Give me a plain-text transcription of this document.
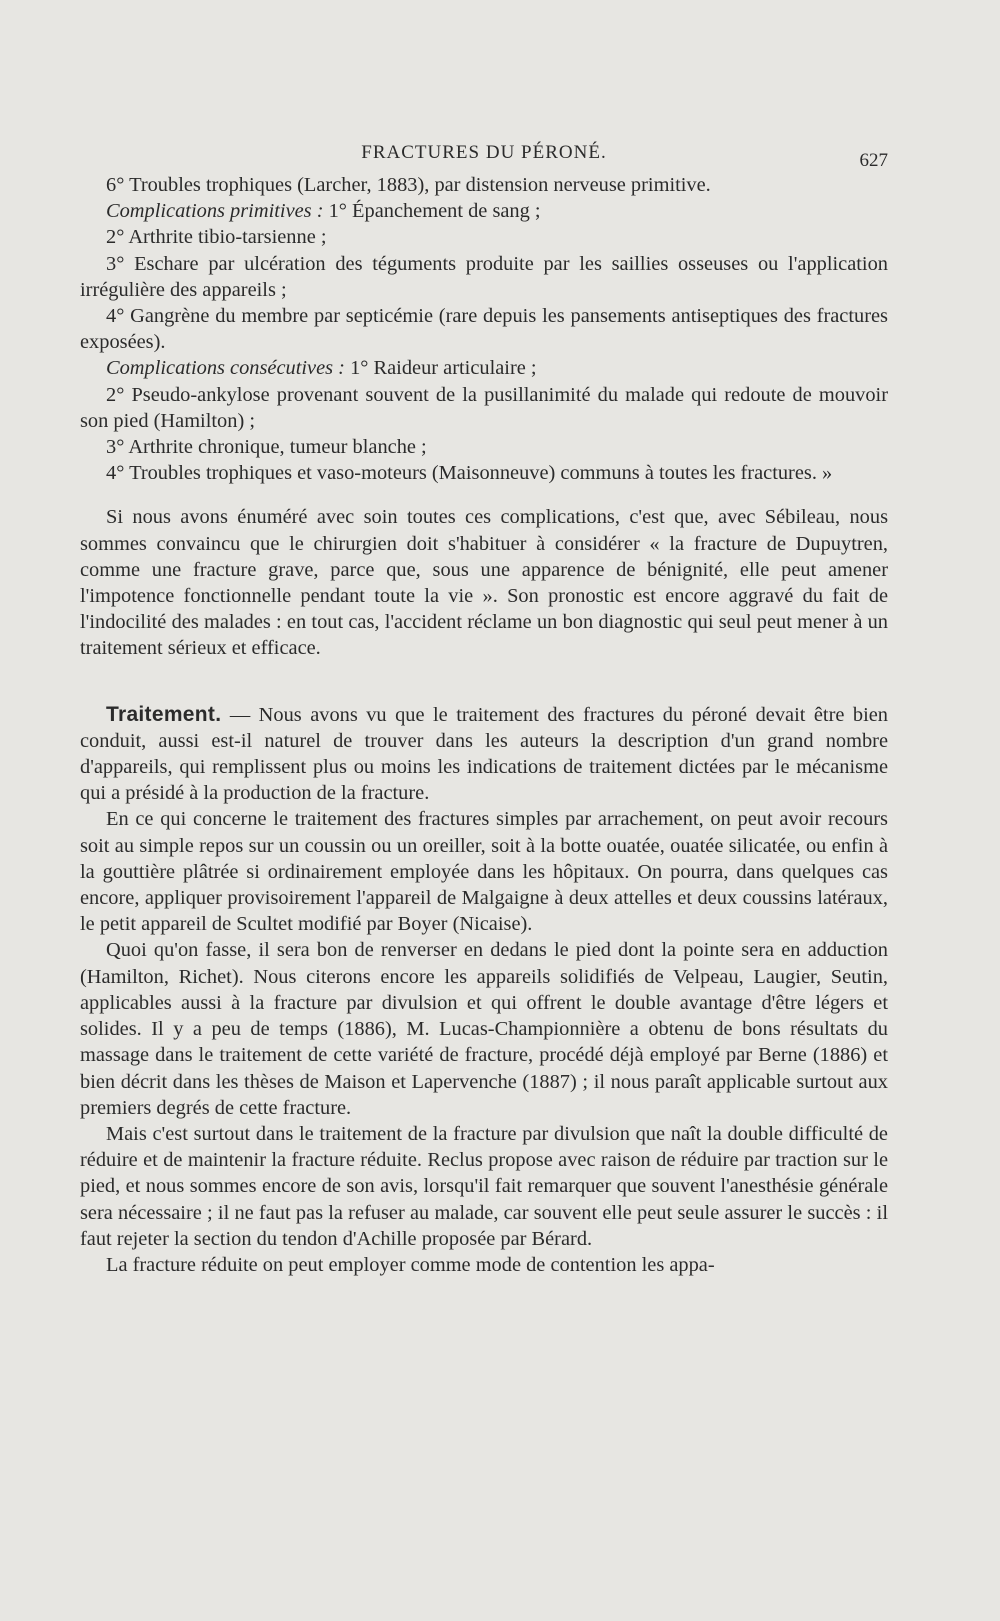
FRACTURES DU PÉRONÉ.	627

6° Troubles trophiques (Larcher, 1883), par distension nerveuse primitive.

Complications primitives : 1° Épanchement de sang ;

2° Arthrite tibio-tarsienne ;

3° Eschare par ulcération des téguments produite par les saillies osseuses ou l'application irrégulière des appareils ;

4° Gangrène du membre par septicémie (rare depuis les pansements antiseptiques des fractures exposées).

Complications consécutives : 1° Raideur articulaire ;

2° Pseudo-ankylose provenant souvent de la pusillanimité du malade qui redoute de mouvoir son pied (Hamilton) ;

3° Arthrite chronique, tumeur blanche ;

4° Troubles trophiques et vaso-moteurs (Maisonneuve) communs à toutes les fractures. »

Si nous avons énuméré avec soin toutes ces complications, c'est que, avec Sébileau, nous sommes convaincu que le chirurgien doit s'habituer à considérer « la fracture de Dupuytren, comme une fracture grave, parce que, sous une apparence de bénignité, elle peut amener l'impotence fonctionnelle pendant toute la vie ». Son pronostic est encore aggravé du fait de l'indocilité des malades : en tout cas, l'accident réclame un bon diagnostic qui seul peut mener à un traitement sérieux et efficace.

Traitement. — Nous avons vu que le traitement des fractures du péroné devait être bien conduit, aussi est-il naturel de trouver dans les auteurs la description d'un grand nombre d'appareils, qui remplissent plus ou moins les indications de traitement dictées par le mécanisme qui a présidé à la production de la fracture.

En ce qui concerne le traitement des fractures simples par arrachement, on peut avoir recours soit au simple repos sur un coussin ou un oreiller, soit à la botte ouatée, ouatée silicatée, ou enfin à la gouttière plâtrée si ordinairement employée dans les hôpitaux. On pourra, dans quelques cas encore, appliquer provisoirement l'appareil de Malgaigne à deux attelles et deux coussins latéraux, le petit appareil de Scultet modifié par Boyer (Nicaise).

Quoi qu'on fasse, il sera bon de renverser en dedans le pied dont la pointe sera en adduction (Hamilton, Richet). Nous citerons encore les appareils solidifiés de Velpeau, Laugier, Seutin, applicables aussi à la fracture par divulsion et qui offrent le double avantage d'être légers et solides. Il y a peu de temps (1886), M. Lucas-Championnière a obtenu de bons résultats du massage dans le traitement de cette variété de fracture, procédé déjà employé par Berne (1886) et bien décrit dans les thèses de Maison et Lapervenche (1887) ; il nous paraît applicable surtout aux premiers degrés de cette fracture.

Mais c'est surtout dans le traitement de la fracture par divulsion que naît la double difficulté de réduire et de maintenir la fracture réduite. Reclus propose avec raison de réduire par traction sur le pied, et nous sommes encore de son avis, lorsqu'il fait remarquer que souvent l'anesthésie générale sera nécessaire ; il ne faut pas la refuser au malade, car souvent elle peut seule assurer le succès : il faut rejeter la section du tendon d'Achille proposée par Bérard.

La fracture réduite on peut employer comme mode de contention les appa-
